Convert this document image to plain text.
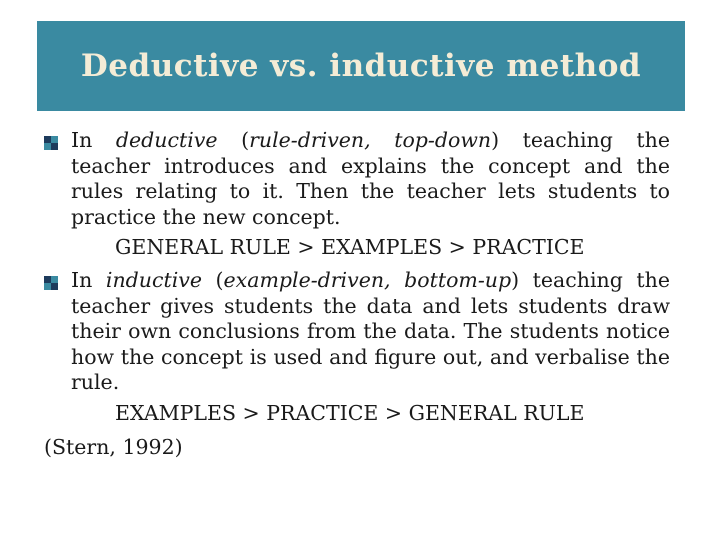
Deductive vs. inductive method
In deductive (rule-driven, top-down) teaching the teacher introduces and explains the concept and the rules relating to it. Then the teacher lets students to practice the new concept.
GENERAL RULE > EXAMPLES > PRACTICE
In inductive (example-driven, bottom-up) teaching the teacher gives students the data and lets students draw their own conclusions from the data. The students notice how the concept is used and figure out, and verbalise the rule.
EXAMPLES > PRACTICE > GENERAL RULE
(Stern, 1992)
